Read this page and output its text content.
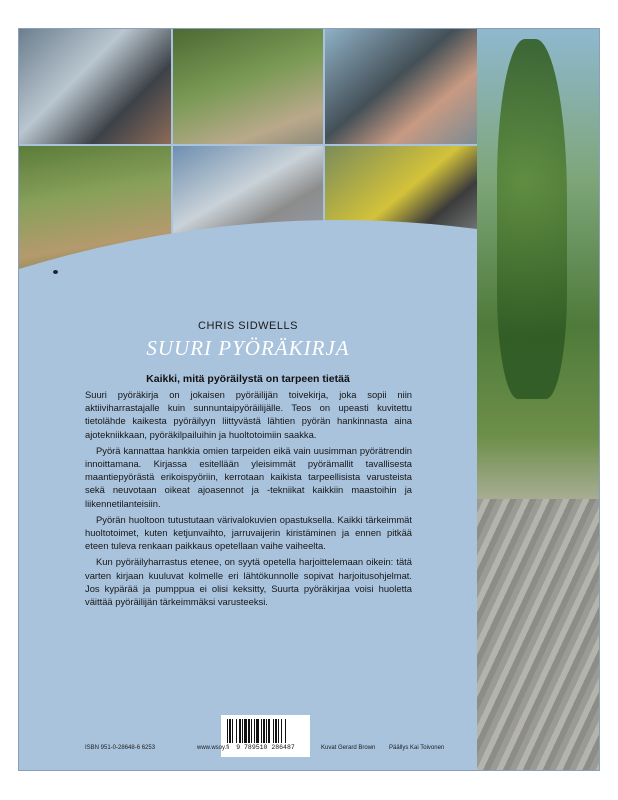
CHRIS SIDWELLS
SUURI PYÖRÄKIRJA
Kaikki, mitä pyöräilystä on tarpeen tietää

Suuri pyöräkirja on jokaisen pyöräilijän toivekirja, joka sopii niin aktiiviharrastajalle kuin sunnuntaipyöräilijälle. Teos on upeasti kuvitettu tietolähde kaikesta pyöräilyyn liittyvästä lähtien pyörän hankinnasta aina ajotekniikkaan, pyöräkilpailuihin ja huoltotoimiin saakka.

Pyörä kannattaa hankkia omien tarpeiden eikä vain uusimman pyörätrendin innoittamana. Kirjassa esitellään yleisimmät pyörämallit tavallisesta maantiepyörästä erikoispyöriin, kerrotaan kaikista tarpeellisista varusteista sekä neuvotaan oikeat ajoasennot ja -tekniikat kaikkiin maastoihin ja liikennetilanteisiin.

Pyörän huoltoon tutustutaan värivalokuvien opastuksella. Kaikki tärkeimmät huoltotoimet, kuten ketjunvaihto, jarruvaijerin kiristäminen ja ennen pitkää eteen tuleva renkaan paikkaus opetellaan vaihe vaiheelta.

Kun pyöräilyharrastus etenee, on syytä opetella harjoittelemaan oikein: tätä varten kirjaan kuuluvat kolmelle eri lähtökunnolle sopivat harjoitusohjelmat. Jos kypärää ja pumppua ei olisi keksitty, Suurta pyöräkirjaa voisi huoletta väittää pyöräilijän tärkeimmäksi varusteeksi.

9 789510 286487
ISBN 951-0-28648-6 6253	www.wsoy.fi	Kuvat Gerard Brown Päällys Kai Toivonen
